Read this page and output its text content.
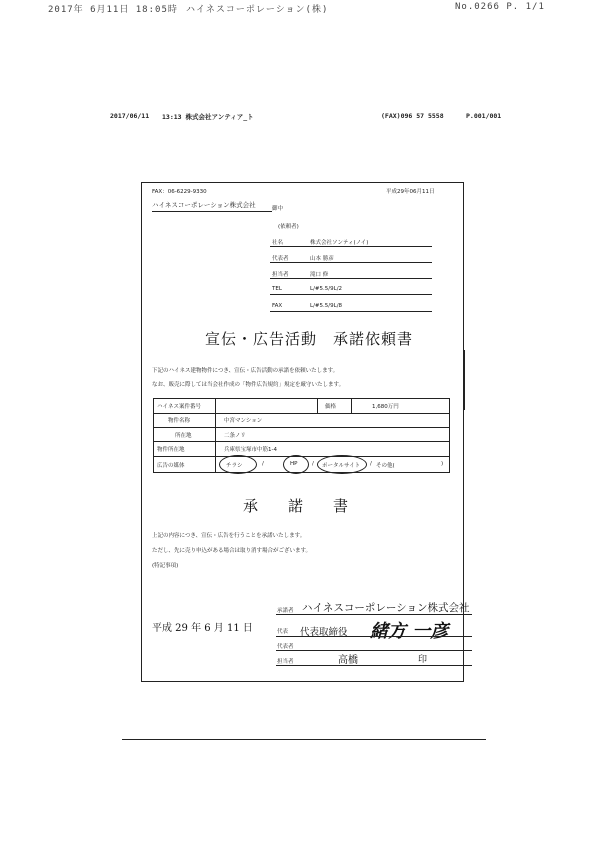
2017年 6月11日 18:05時 ハイネスコーポレーション(株)	No.0266 P. 1/1
2017/06/11 13:13 株式会社アンティア_ト	(FAX)096 57 5558	P.001/001
FAX：06-6229-9330	平成29年06月11日
ハイネスコーポレーション株式会社	御中
(依頼者)
社名	株式会社ソンティ(ノイ)
代表者	山本 勝彦
担当者	滝口 修
TEL	L/#5.5/9L/2
FAX	L/#5.5/9L/8
宣伝・広告活動　承諾依頼書
下記のハイネス建物物件につき、宣伝・広告活動の承諾を依頼いたします。
なお、販売に際しては当会社作成の「物件広告規約」規定を厳守いたします。
ハイネス案件番号	価格	1,680万円
物件名称	中宮マンション
所在地	二条ノリ
物件所在地	兵庫県宝塚市中筋1-4
広告の媒体	チラシ	/	HP	/ ポータルサイト / その他(	)
承　　諾　　書
上記の内容につき、宣伝・広告を行うことを承諾いたします。
ただし、先に売り申込がある場合は取り消す場合がございます。
(特記事項)
平成 29 年 6 月 11 日
承諾者 ハイネスコーポレーション株式会社
代表 代表取締役 緒方 一彦
代表者
担当者	高橋	印
